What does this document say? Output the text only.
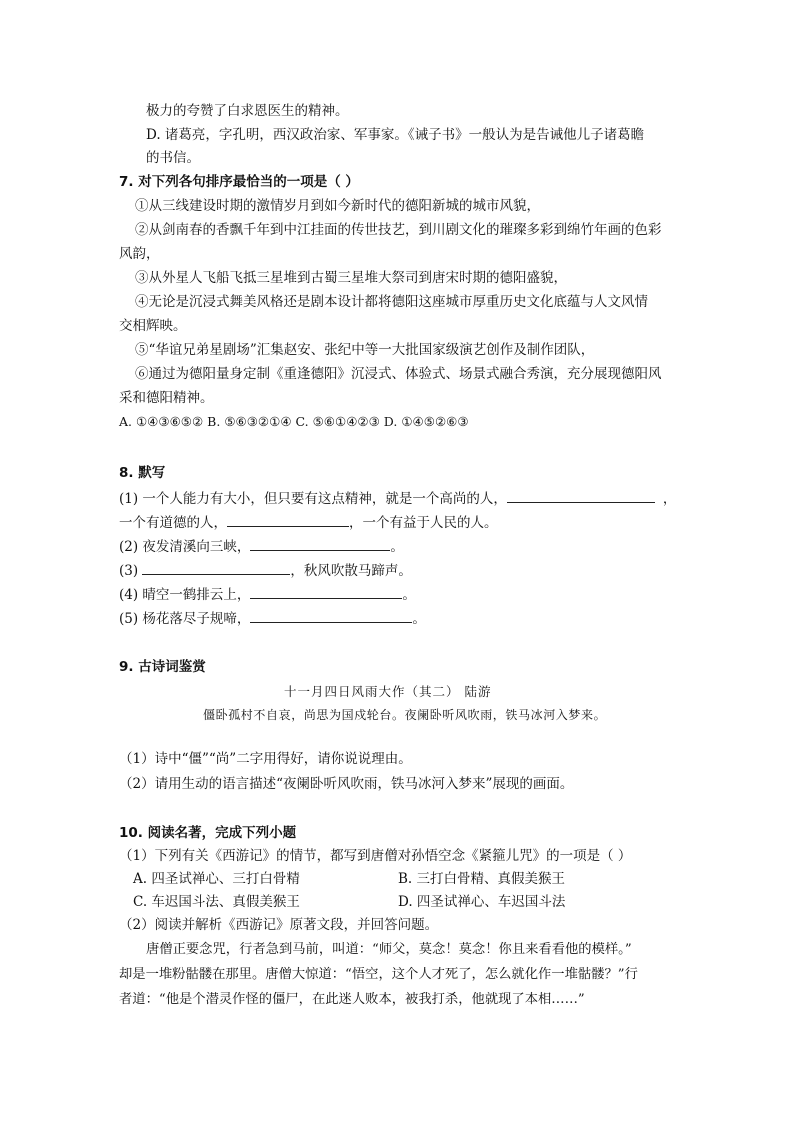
极力的夸赞了白求恩医生的精神。
D. 诸葛亮，字孔明，西汉政治家、军事家。《诫子书》一般认为是告诫他儿子诸葛瞻
的书信。
7. 对下列各句排序最恰当的一项是（ ）
①从三线建设时期的激情岁月到如今新时代的德阳新城的城市风貌，
②从剑南春的香飘千年到中江挂面的传世技艺，到川剧文化的璀璨多彩到绵竹年画的色彩
风韵，
③从外星人飞船飞抵三星堆到古蜀三星堆大祭司到唐宋时期的德阳盛貌，
④无论是沉浸式舞美风格还是剧本设计都将德阳这座城市厚重历史文化底蕴与人文风情
交相辉映。
⑤“华谊兄弟星剧场”汇集赵安、张纪中等一大批国家级演艺创作及制作团队，
⑥通过为德阳量身定制《重逢德阳》沉浸式、体验式、场景式融合秀演，充分展现德阳风
采和德阳精神。
A. ①④③⑥⑤② B. ⑤⑥③②①④ C. ⑤⑥①④②③ D. ①④⑤②⑥③
8. 默写
(1) 一个人能力有大小，但只要有这点精神，就是一个高尚的人，	，
一个有道德的人，	，一个有益于人民的人。
(2) 夜发清溪向三峡，	。
(3)	，秋风吹散马蹄声。
(4) 晴空一鹤排云上，	。
(5) 杨花落尽子规啼，	。
9. 古诗词鉴赏
十一月四日风雨大作（其二） 陆游
僵卧孤村不自哀，尚思为国戍轮台。夜阑卧听风吹雨，铁马冰河入梦来。
（1）诗中“僵”“尚”二字用得好，请你说说理由。
（2）请用生动的语言描述“夜阑卧听风吹雨，铁马冰河入梦来”展现的画面。
10. 阅读名著，完成下列小题
（1）下列有关《西游记》的情节，都写到唐僧对孙悟空念《紧箍儿咒》的一项是（ ）
A. 四圣试禅心、三打白骨精	B. 三打白骨精、真假美猴王
C. 车迟国斗法、真假美猴王	D. 四圣试禅心、车迟国斗法
（2）阅读并解析《西游记》原著文段，并回答问题。
唐僧正要念咒，行者急到马前，叫道：“师父，莫念！莫念！你且来看看他的模样。”
却是一堆粉骷髅在那里。唐僧大惊道：“悟空，这个人才死了，怎么就化作一堆骷髅？”行
者道：“他是个潜灵作怪的僵尸，在此迷人败本，被我打杀，他就现了本相……”
